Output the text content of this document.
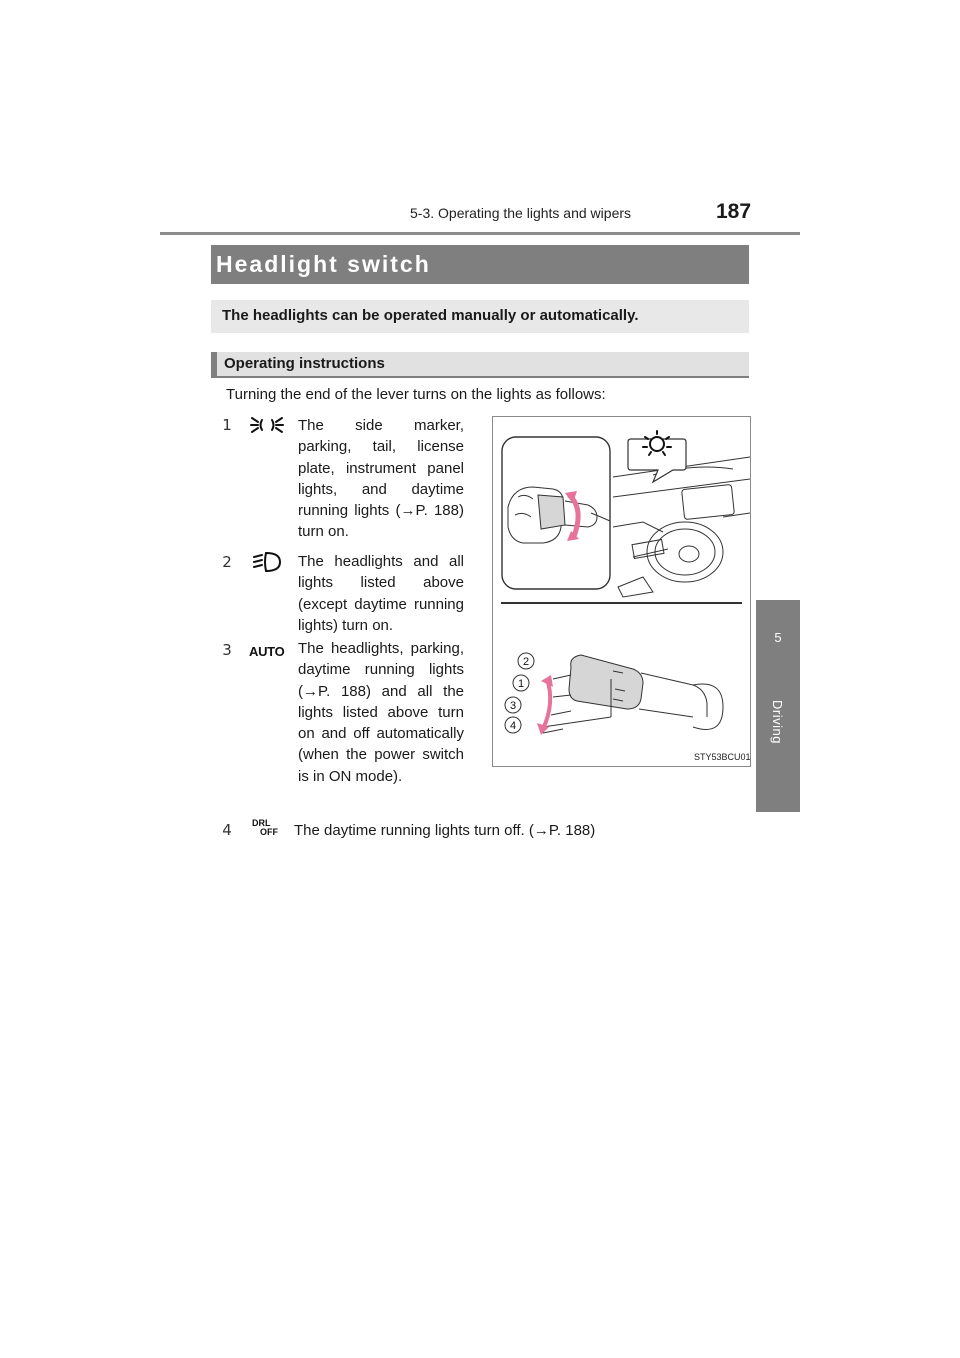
5-3. Operating the lights and wipers	187
5
Driving
Headlight switch
The headlights can be operated manually or automatically.
Operating instructions
Turning the end of the lever turns on the lights as follows:
1	The side marker, parking, tail, license plate, instrument panel lights, and daytime running lights (→P. 188) turn on.
2	The headlights and all lights listed above (except daytime running lights) turn on.
3 AUTO The headlights, parking, daytime running lights (→P. 188) and all the lights listed above turn on and off automatically (when the power switch is in ON mode).
4	DRL
OFF The daytime running lights turn off. (→P. 188)
2
1
3
4
STY53BCU01
